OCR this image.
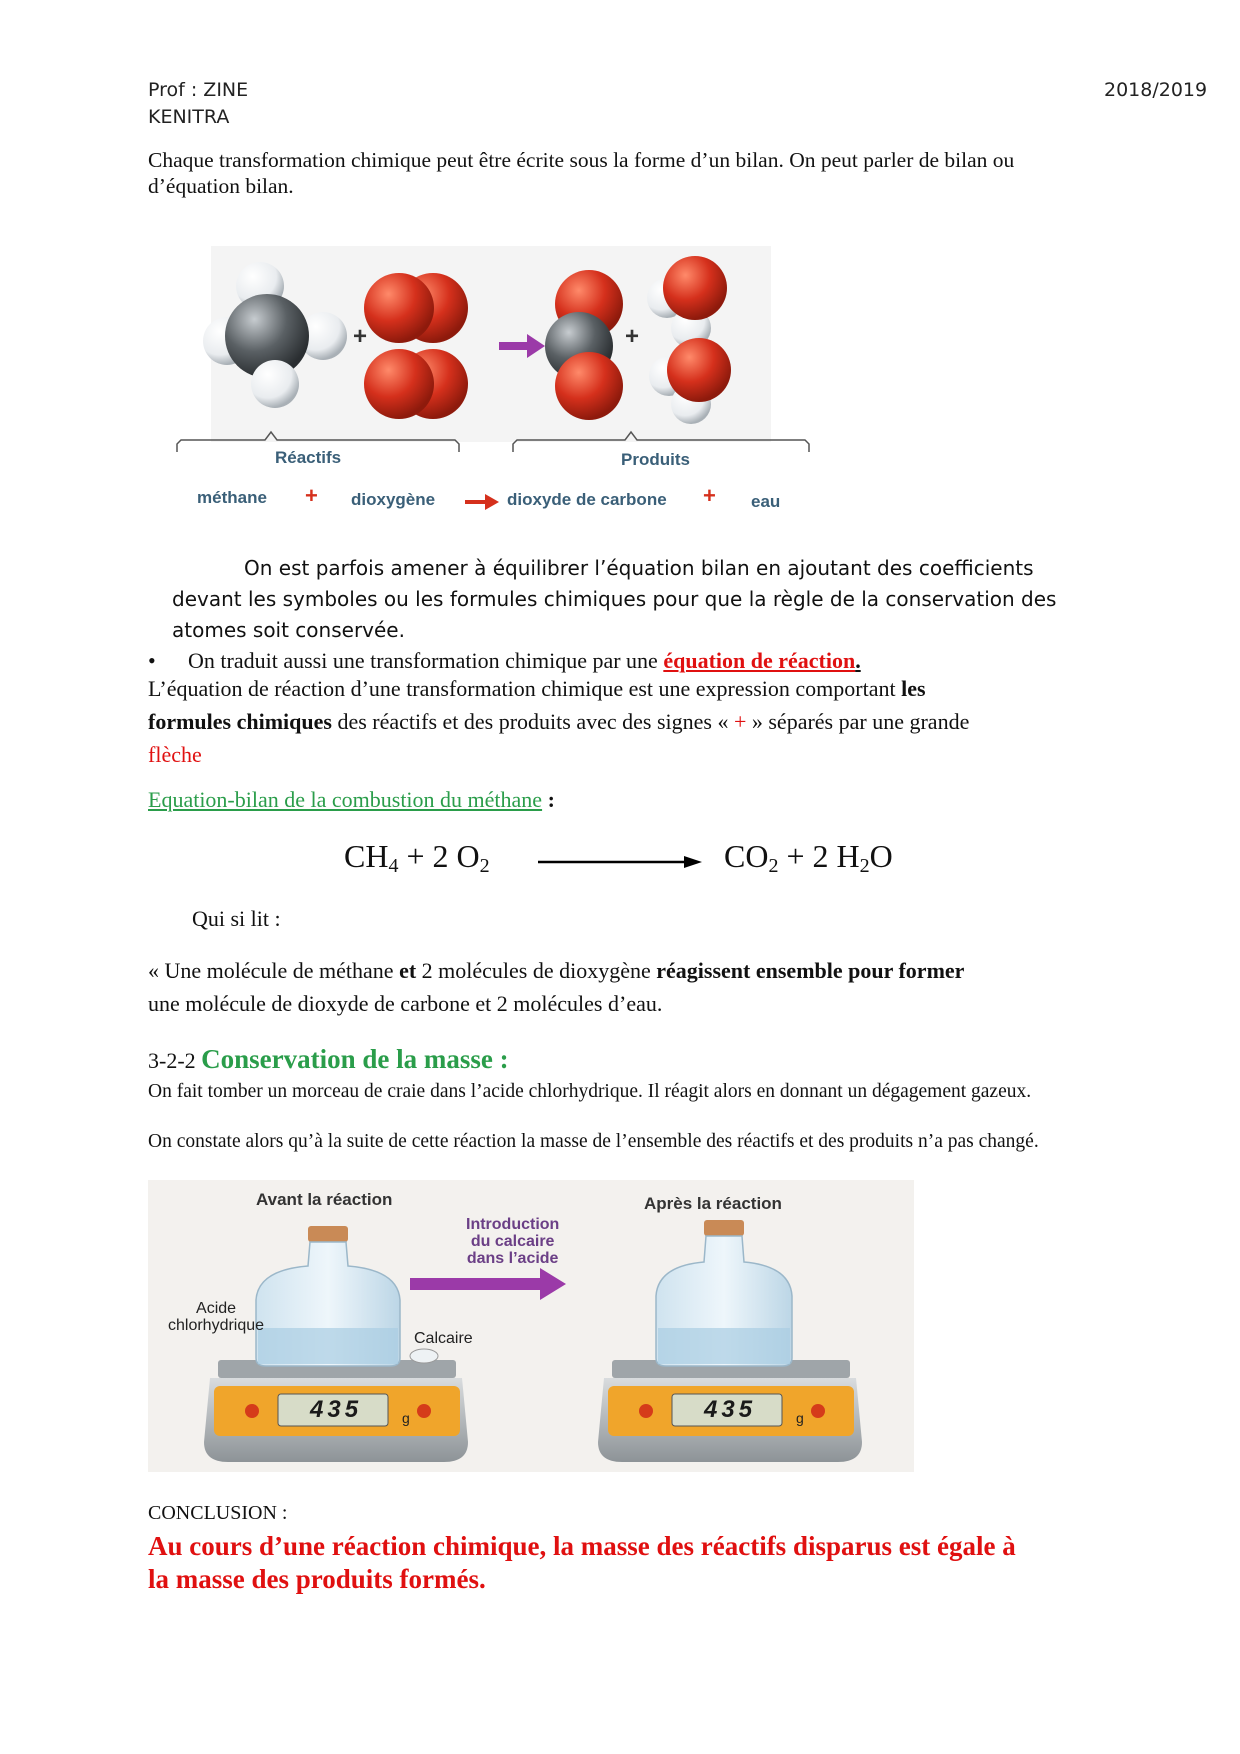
Prof : ZINE
KENITRA
2018/2019
Chaque transformation chimique peut être écrite sous la forme d’un bilan. On peut parler de bilan ou d’équation bilan.
+	+
Réactifs	Produits
méthane + dioxygène	dioxyde de carbone + eau
On est parfois amener à équilibrer l’équation bilan en ajoutant des coefficients
devant les symboles ou les formules chimiques pour que la règle de la conservation des
atomes soit conservée.
• On traduit aussi une transformation chimique par une équation de réaction.
L’équation de réaction d’une transformation chimique est une expression comportant les
formules chimiques des réactifs et des produits avec des signes « + » séparés par une grande
flèche
Equation-bilan de la combustion du méthane :
$CH_4 + 2$ $O_2$	$CO_2 + 2$ $H_2O$
Qui si lit :
« Une molécule de méthane et 2 molécules de dioxygène réagissent ensemble pour former
une molécule de dioxyde de carbone et 2 molécules d’eau.
3-2-2 Conservation de la masse :
On fait tomber un morceau de craie dans l’acide chlorhydrique. Il réagit alors en donnant un dégagement gazeux.
On constate alors qu’à la suite de cette réaction la masse de l’ensemble des réactifs et des produits n’a pas changé.
Avant la réaction	Après la réaction
Introduction
du calcaire
dans l’acide
Acide
chlorhydrique
Calcaire
435	g	435	g
CONCLUSION :
Au cours d’une réaction chimique, la masse des réactifs disparus est égale à
la masse des produits formés.
